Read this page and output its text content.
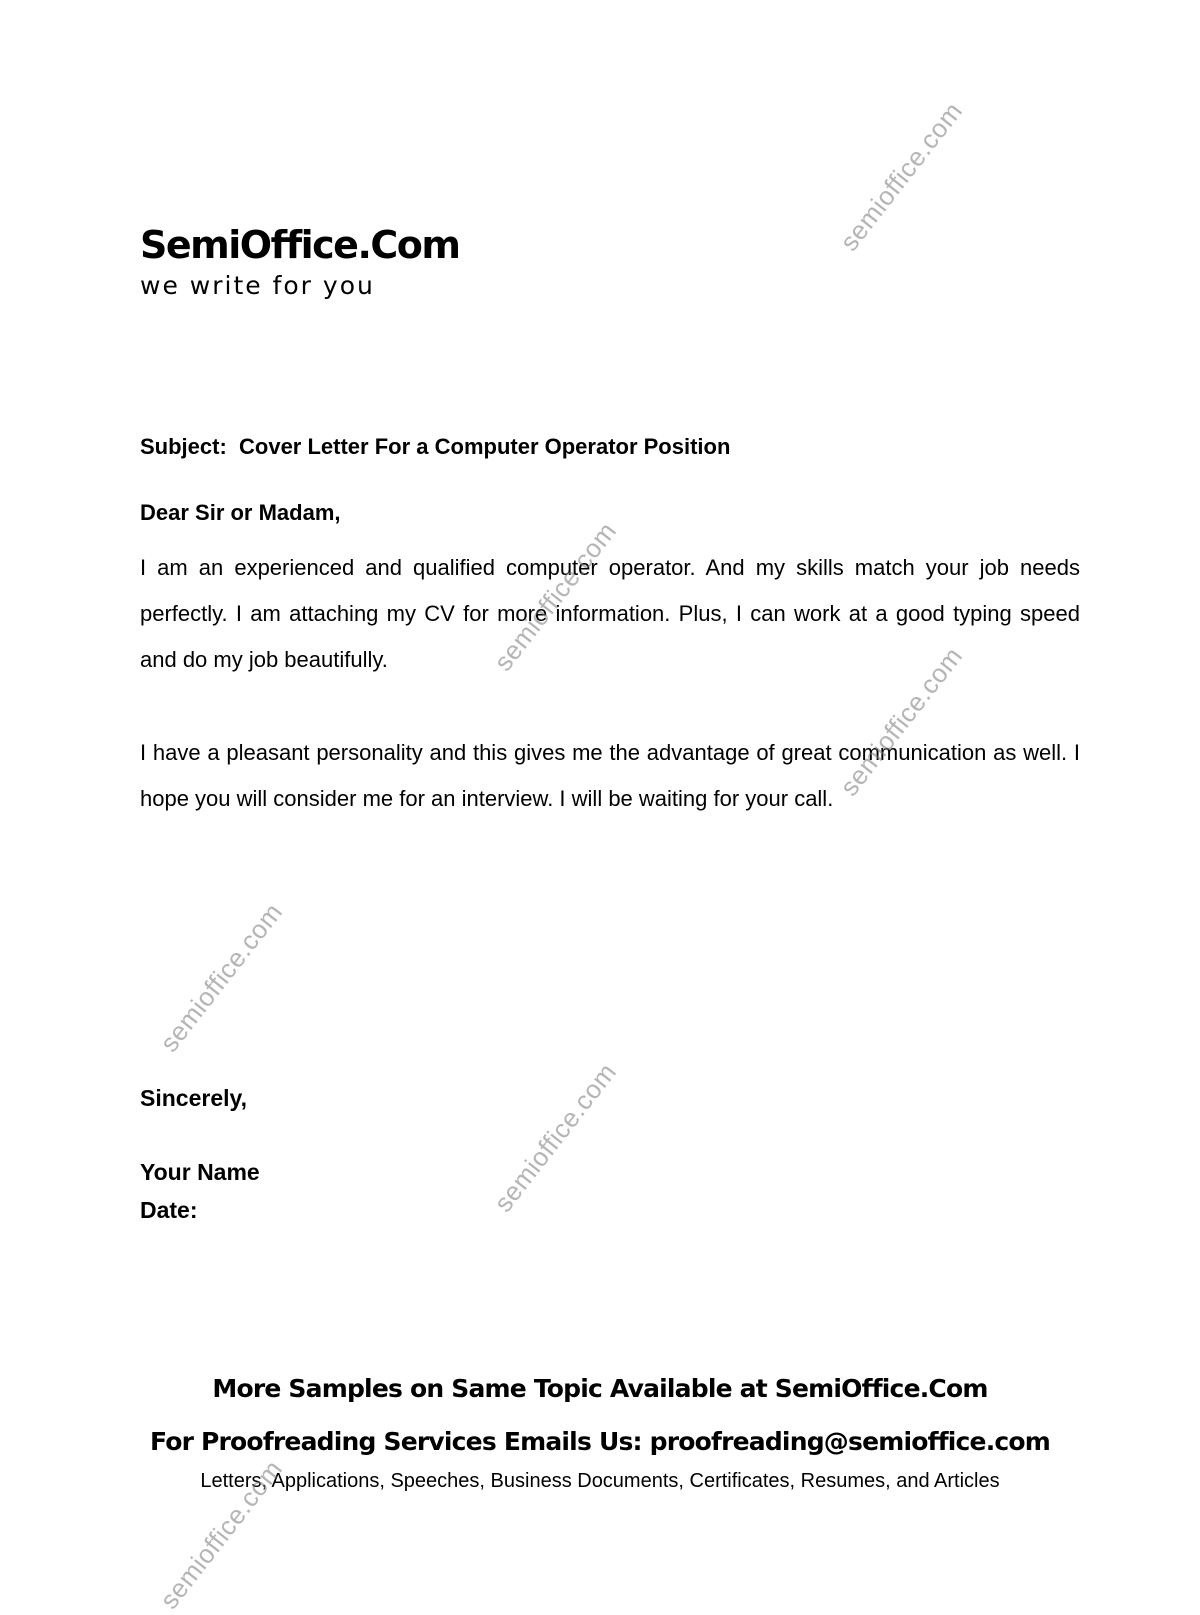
SemiOffice.Com

we write for you

Subject:  Cover Letter For a Computer Operator Position

Dear Sir or Madam,

I am an experienced and qualified computer operator. And my skills match your job needs perfectly. I am attaching my CV for more information. Plus, I can work at a good typing speed and do my job beautifully.

I have a pleasant personality and this gives me the advantage of great communication as well. I hope you will consider me for an interview. I will be waiting for your call.

Sincerely,

Your Name

Date:

More Samples on Same Topic Available at SemiOffice.Com

For Proofreading Services Emails Us: proofreading@semioffice.com

Letters, Applications, Speeches, Business Documents, Certificates, Resumes, and Articles

semioffice.com
semioffice.com
semioffice.com
semioffice.com
semioffice.com
semioffice.com
